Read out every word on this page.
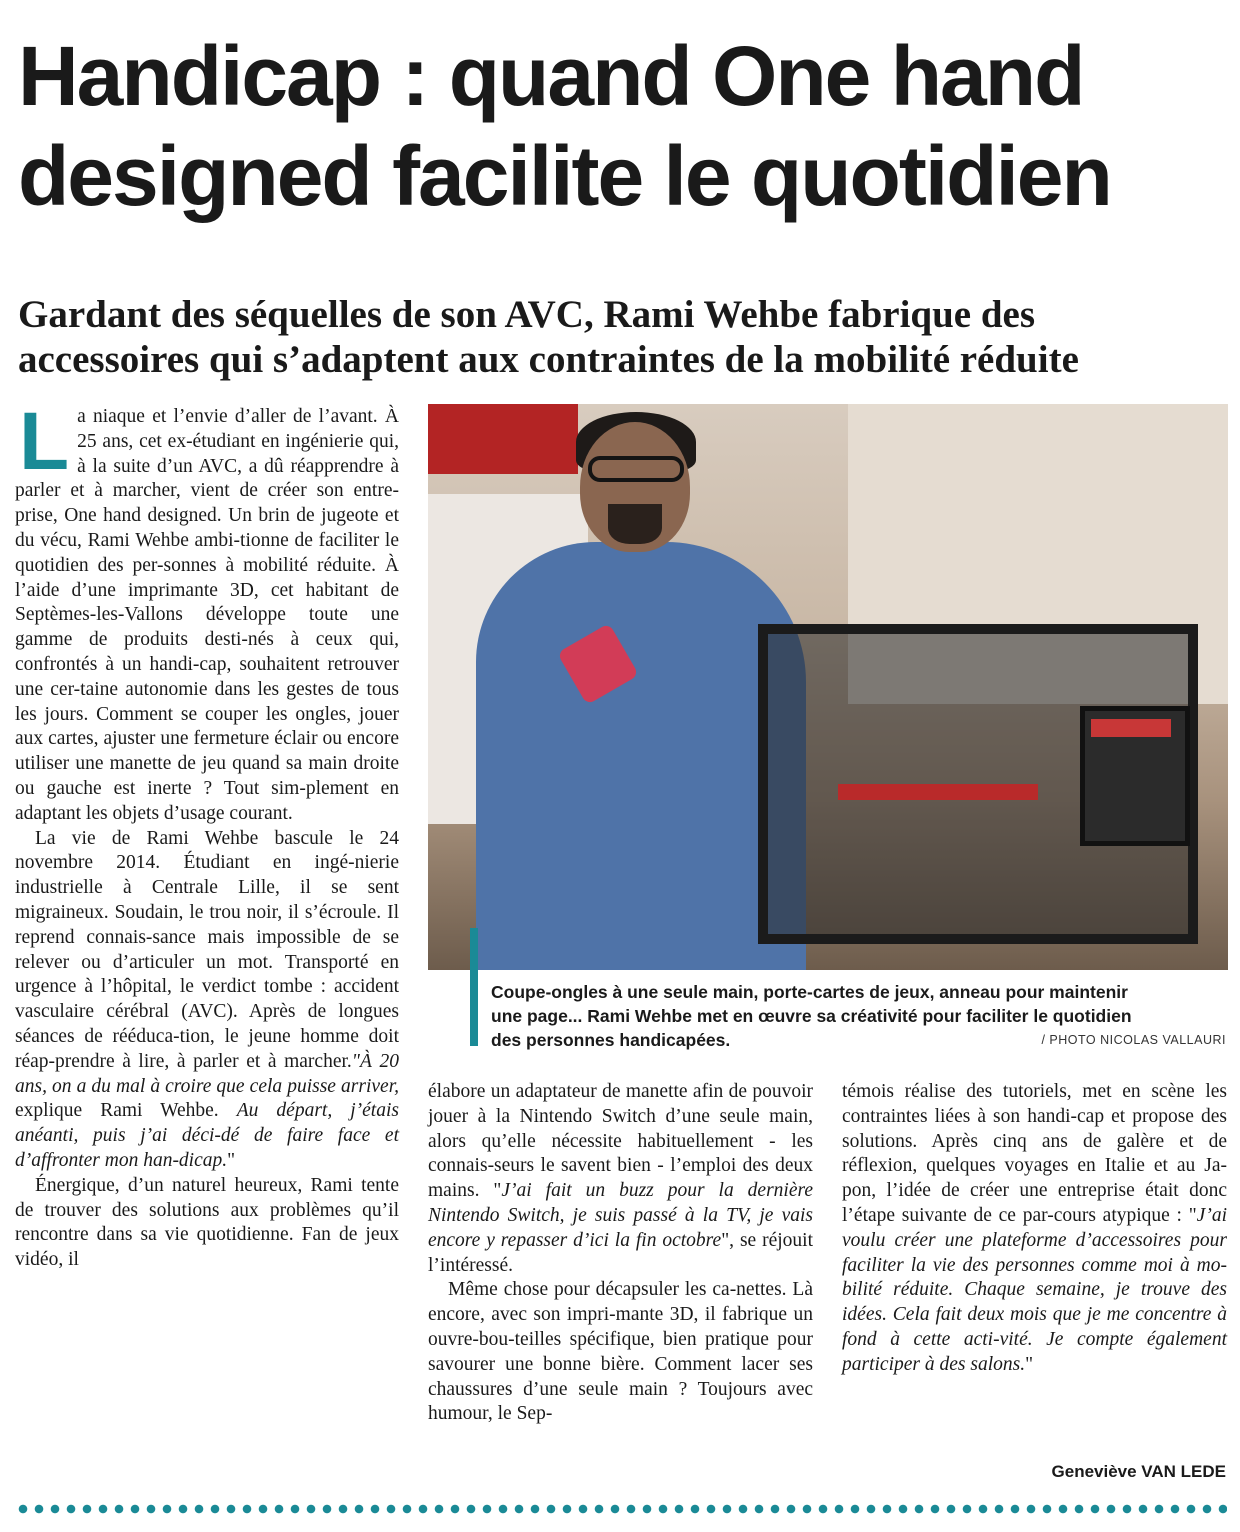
Handicap : quand One hand
designed facilite le quotidien
Gardant des séquelles de son AVC, Rami Wehbe fabrique des
accessoires qui s’adaptent aux contraintes de la mobilité réduite

La niaque et l’envie d’aller de l’avant. À 25 ans, cet ex-étudiant en ingénierie qui, à la suite d’un AVC, a dû réapprendre à parler et à marcher, vient de créer son entre-prise, One hand designed. Un brin de jugeote et du vécu, Rami Wehbe ambi-tionne de faciliter le quotidien des per-sonnes à mobilité réduite. À l’aide d’une imprimante 3D, cet habitant de Septèmes-les-Vallons développe toute une gamme de produits desti-nés à ceux qui, confrontés à un handi-cap, souhaitent retrouver une cer-taine autonomie dans les gestes de tous les jours. Comment se couper les ongles, jouer aux cartes, ajuster une fermeture éclair ou encore utiliser une manette de jeu quand sa main droite ou gauche est inerte ? Tout sim-plement en adaptant les objets d’usage courant.

La vie de Rami Wehbe bascule le 24 novembre 2014. Étudiant en ingé-nierie industrielle à Centrale Lille, il se sent migraineux. Soudain, le trou noir, il s’écroule. Il reprend connais-sance mais impossible de se relever ou d’articuler un mot. Transporté en urgence à l’hôpital, le verdict tombe : accident vasculaire cérébral (AVC). Après de longues séances de rééduca-tion, le jeune homme doit réap-prendre à lire, à parler et à marcher."À 20 ans, on a du mal à croire que cela puisse arriver, explique Rami Wehbe. Au départ, j’étais anéanti, puis j’ai déci-dé de faire face et d’affronter mon han-dicap."

Énergique, d’un naturel heureux, Rami tente de trouver des solutions aux problèmes qu’il rencontre dans sa vie quotidienne. Fan de jeux vidéo, il

Coupe-ongles à une seule main, porte-cartes de jeux, anneau pour maintenir
une page... Rami Wehbe met en œuvre sa créativité pour faciliter le quotidien
des personnes handicapées.	/ PHOTO NICOLAS VALLAURI

élabore un adaptateur de manette afin de pouvoir jouer à la Nintendo Switch d’une seule main, alors qu’elle nécessite habituellement - les connais-seurs le savent bien - l’emploi des deux mains. "J’ai fait un buzz pour la dernière Nintendo Switch, je suis passé à la TV, je vais encore y repasser d’ici la fin octobre", se réjouit l’intéressé.

Même chose pour décapsuler les ca-nettes. Là encore, avec son impri-mante 3D, il fabrique un ouvre-bou-teilles spécifique, bien pratique pour savourer une bonne bière. Comment lacer ses chaussures d’une seule main ? Toujours avec humour, le Sep-

témois réalise des tutoriels, met en scène les contraintes liées à son handi-cap et propose des solutions. Après cinq ans de galère et de réflexion, quelques voyages en Italie et au Ja-pon, l’idée de créer une entreprise était donc l’étape suivante de ce par-cours atypique : "J’ai voulu créer une plateforme d’accessoires pour faciliter la vie des personnes comme moi à mo-bilité réduite. Chaque semaine, je trouve des idées. Cela fait deux mois que je me concentre à fond à cette acti-vité. Je compte également participer à des salons."

Geneviève VAN LEDE
